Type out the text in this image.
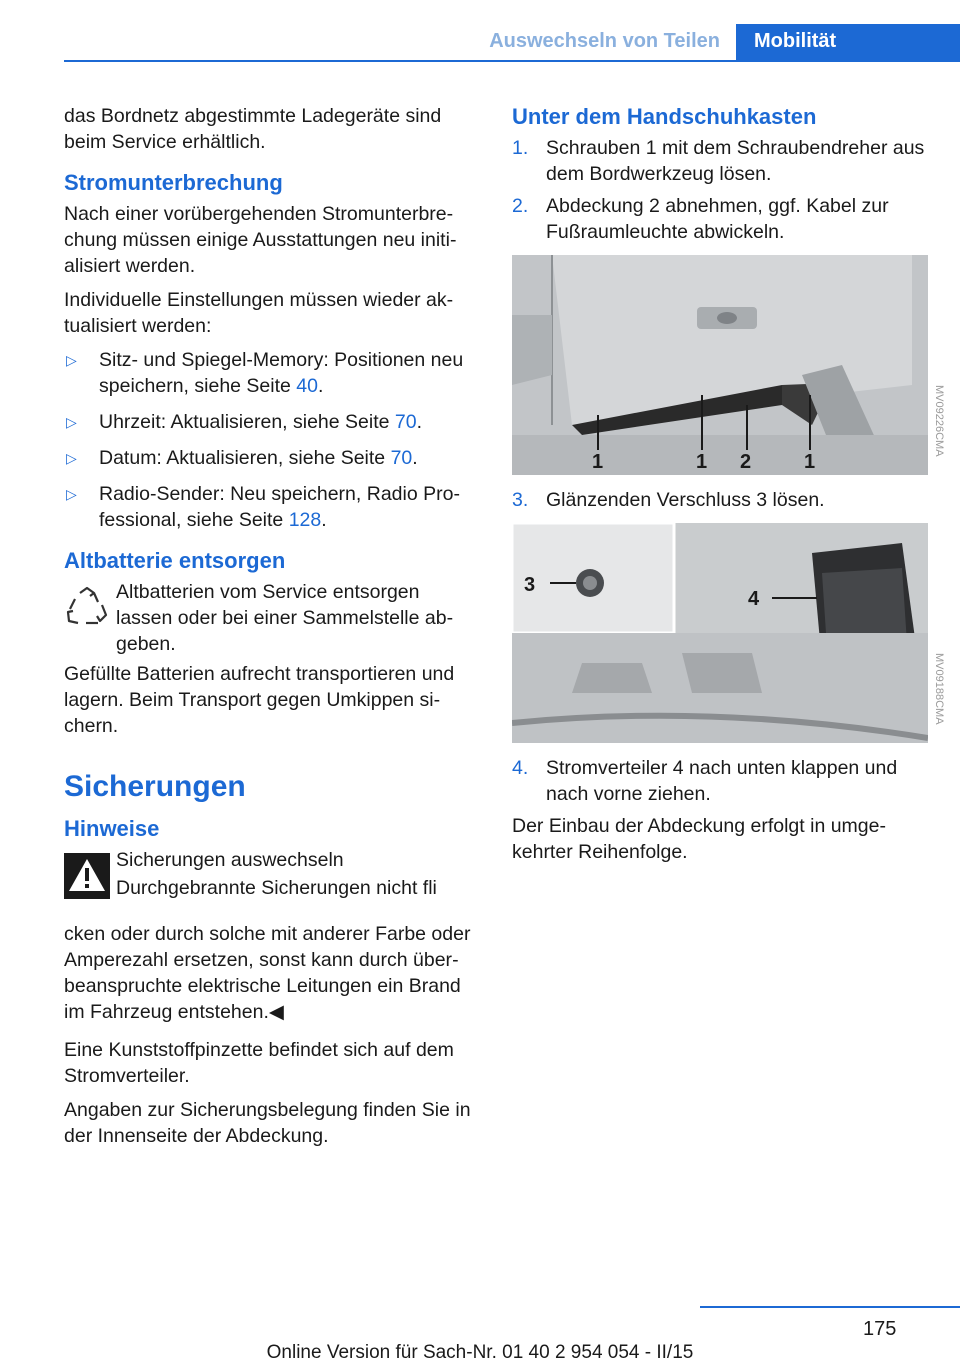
Auswechseln von Teilen	Mobilität

das Bordnetz abgestimmte Ladegeräte sind beim Service erhältlich.

Stromunterbrechung

Nach einer vorübergehenden Stromunterbrechung müssen einige Ausstattungen neu initialisiert werden.

Individuelle Einstellungen müssen wieder aktualisiert werden:

▷ Sitz- und Spiegel-Memory: Positionen neu speichern, siehe Seite 40.
▷ Uhrzeit: Aktualisieren, siehe Seite 70.
▷ Datum: Aktualisieren, siehe Seite 70.
▷ Radio-Sender: Neu speichern, Radio Professional, siehe Seite 128.
Altbatterie entsorgen

Altbatterien vom Service entsorgen lassen oder bei einer Sammelstelle abgeben.

Gefüllte Batterien aufrecht transportieren und lagern. Beim Transport gegen Umkippen sichern.

Sicherungen
Hinweise

Sicherungen auswechseln

Durchgebrannte Sicherungen nicht fli

cken oder durch solche mit anderer Farbe oder Amperezahl ersetzen, sonst kann durch überbeanspruchte elektrische Leitungen ein Brand im Fahrzeug entstehen.◀

Eine Kunststoffpinzette befindet sich auf dem Stromverteiler.

Angaben zur Sicherungsbelegung finden Sie in der Innenseite der Abdeckung.

Unter dem Handschuhkasten
1. Schrauben 1 mit dem Schraubendreher aus dem Bordwerkzeug lösen.
2. Abdeckung 2 abnehmen, ggf. Kabel zur Fußraumleuchte abwickeln.
1	1 2	1
MV09226CMA
3. Glänzenden Verschluss 3 lösen.
3
4
MV09188CMA
4. Stromverteiler 4 nach unten klappen und nach vorne ziehen.

Der Einbau der Abdeckung erfolgt in umgekehrter Reihenfolge.

175
Online Version für Sach-Nr. 01 40 2 954 054 - II/15
